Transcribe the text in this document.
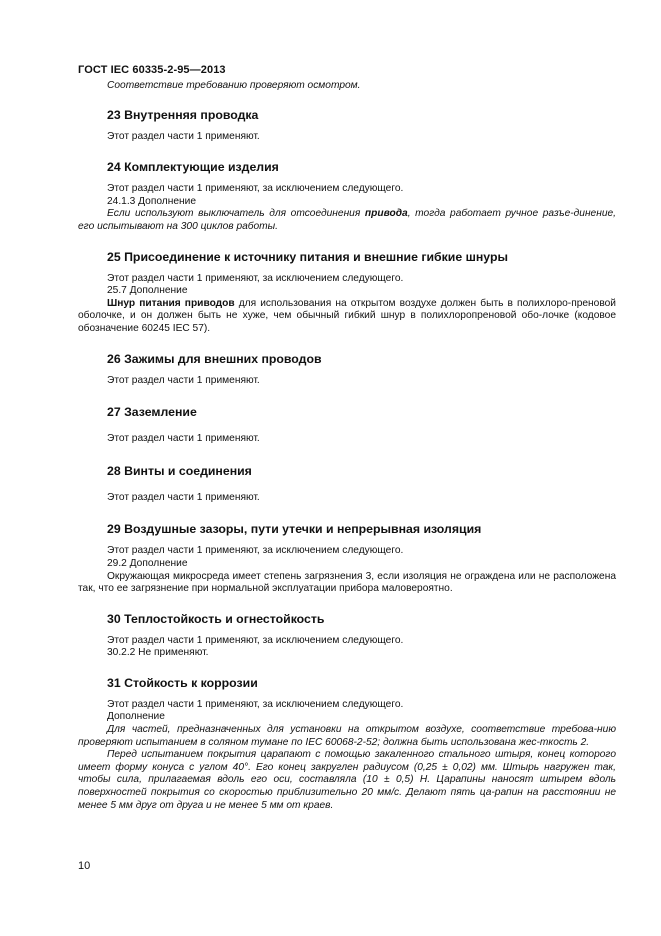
ГОСТ IEC 60335-2-95—2013

Соответствие требованию проверяют осмотром.

23 Внутренняя проводка

Этот раздел части 1 применяют.

24 Комплектующие изделия

Этот раздел части 1 применяют, за исключением следующего.

24.1.3 Дополнение

Если используют выключатель для отсоединения привода, тогда работает ручное разъе-динение, его испытывают на 300 циклов работы.

25 Присоединение к источнику питания и внешние гибкие шнуры

Этот раздел части 1 применяют, за исключением следующего.

25.7 Дополнение

Шнур питания приводов для использования на открытом воздухе должен быть в полихлоро-преновой оболочке, и он должен быть не хуже, чем обычный гибкий шнур в полихлоропреновой обо-лочке (кодовое обозначение 60245 IEC 57).

26 Зажимы для внешних проводов

Этот раздел части 1 применяют.

27 Заземление

Этот раздел части 1 применяют.

28 Винты и соединения

Этот раздел части 1 применяют.

29 Воздушные зазоры, пути утечки и непрерывная изоляция

Этот раздел части 1 применяют, за исключением следующего.

29.2 Дополнение

Окружающая микросреда имеет степень загрязнения 3, если изоляция не ограждена или не расположена так, что ее загрязнение при нормальной эксплуатации прибора маловероятно.

30 Теплостойкость и огнестойкость

Этот раздел части 1 применяют, за исключением следующего.

30.2.2 Не применяют.

31 Стойкость к коррозии

Этот раздел части 1 применяют, за исключением следующего.

Дополнение

Для частей, предназначенных для установки на открытом воздухе, соответствие требова-нию проверяют испытанием в соляном тумане по IEC 60068-2-52; должна быть использована жес-ткость 2.

Перед испытанием покрытия царапают с помощью закаленного стального штыря, конец которого имеет форму конуса с углом 40°. Его конец закруглен радиусом (0,25 ± 0,02) мм. Штырь нагружен так, чтобы сила, прилагаемая вдоль его оси, составляла (10 ± 0,5) Н. Царапины наносят штырем вдоль поверхностей покрытия со скоростью приблизительно 20 мм/с. Делают пять ца-рапин на расстоянии не менее 5 мм друг от друга и не менее 5 мм от краев.

10
